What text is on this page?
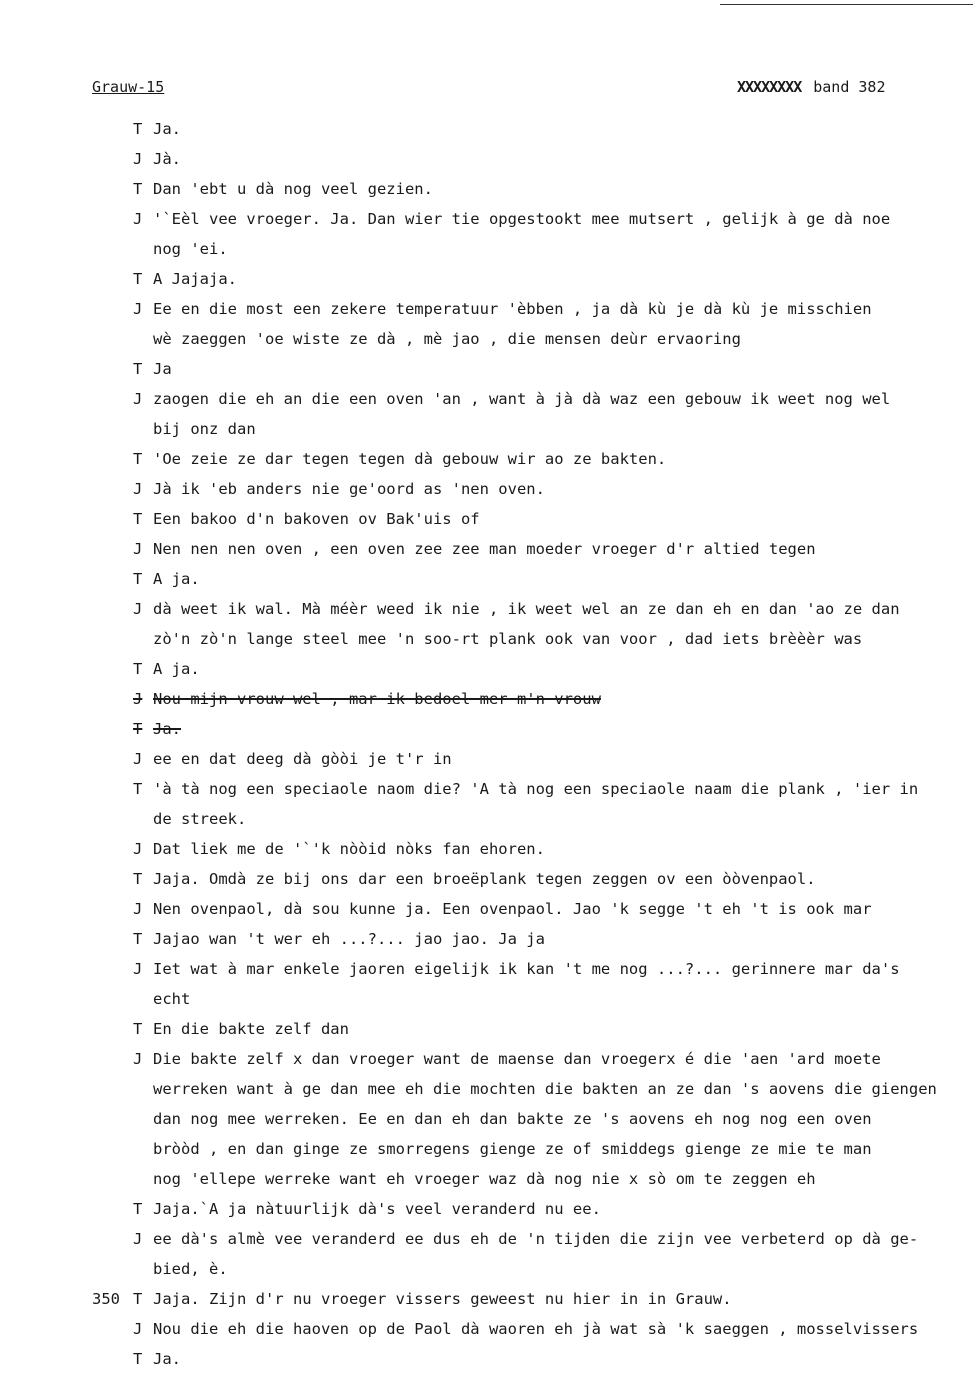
Grauw-15	XXXXXXXX band 382
T Ja.
J Jà.
T Dan 'ebt u dà nog veel gezien.
J '`Eèl vee vroeger. Ja. Dan wier tie opgestookt mee mutsert , gelijk à ge dà noe
nog 'ei.
T A Jajaja.
J Ee en die most een zekere temperatuur 'èbben , ja dà kù je dà kù je misschien
wè zaeggen 'oe wiste ze dà , mè jao , die mensen deùr ervaoring
T Ja
J zaogen die eh an die een oven 'an , want à jà dà waz een gebouw ik weet nog wel
bij onz dan
T 'Oe zeie ze dar tegen tegen dà gebouw wir ao ze bakten.
J Jà ik 'eb anders nie ge'oord as 'nen oven.
T Een bakoo d'n bakoven ov Bak'uis of
J Nen nen nen oven , een oven zee zee man moeder vroeger d'r altied tegen
T A ja.
J dà weet ik wal. Mà méèr weed ik nie , ik weet wel an ze dan eh en dan 'ao ze dan
zò'n zò'n lange steel mee 'n soo-rt plank ook van voor , dad iets brèèèr was
T A ja.
J Nou mijn vrouw wel , mar ik bedoel mer m'n vrouw
T Ja.
J ee en dat deeg dà gòòi je t'r in
T 'à tà nog een speciaole naom die? 'A tà nog een speciaole naam die plank , 'ier in
de streek.
J Dat liek me de '`'k nòòid nòks fan ehoren.
T Jaja. Omdà ze bij ons dar een broeëplank tegen zeggen ov een òòvenpaol.
J Nen ovenpaol, dà sou kunne ja. Een ovenpaol. Jao 'k segge 't eh 't is ook mar
T Jajao wan 't wer eh ...?... jao jao. Ja ja
J Iet wat à mar enkele jaoren eigelijk ik kan 't me nog ...?... gerinnere mar da's
echt
T En die bakte zelf dan
J Die bakte zelf x dan vroeger want de maense dan vroegerx é die 'aen 'ard moete
werreken want à ge dan mee eh die mochten die bakten an ze dan 's aovens die giengen
dan nog mee werreken. Ee en dan eh dan bakte ze 's aovens eh nog nog een oven
bròòd , en dan ginge ze smorregens gienge ze of smiddegs gienge ze mie te man
nog 'ellepe werreke want eh vroeger waz dà nog nie x sò om te zeggen eh
T Jaja.`A ja nàtuurlijk dà's veel veranderd nu ee.
J ee dà's almè vee veranderd ee dus eh de 'n tijden die zijn vee verbeterd op dà ge-
bied, è.
350 T Jaja. Zijn d'r nu vroeger vissers geweest nu hier in in Grauw.
J Nou die eh die haoven op de Paol dà waoren eh jà wat sà 'k saeggen , mosselvissers
T Ja.
